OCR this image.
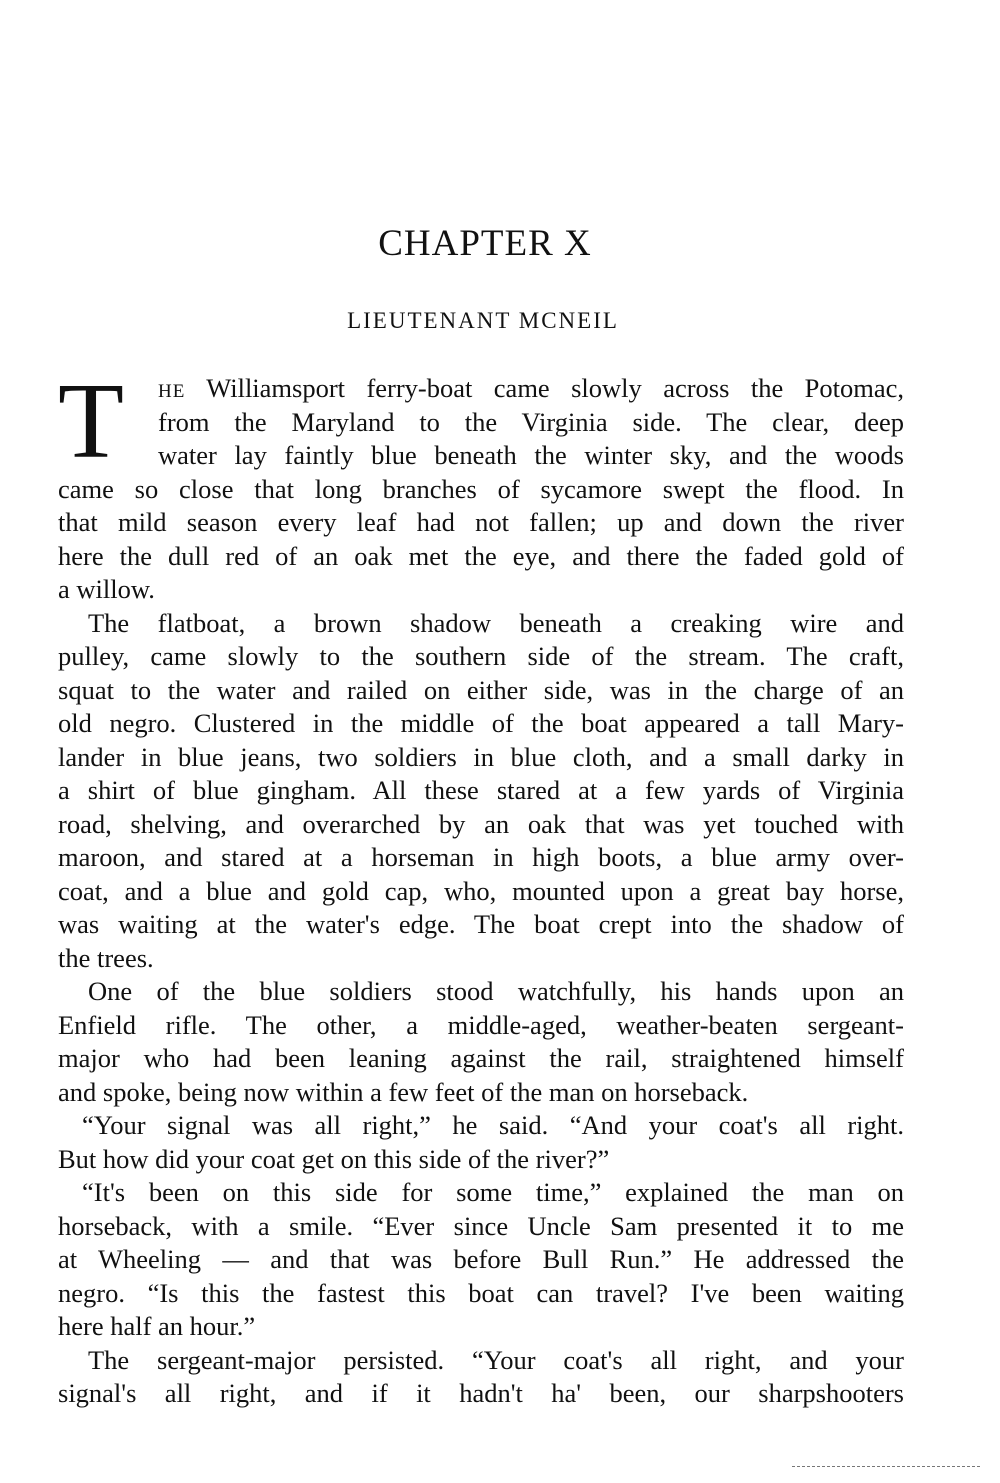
CHAPTER X
LIEUTENANT MCNEIL
T	HE Williamsport ferry-boat came slowly across the Potomac,
from the Maryland to the Virginia side. The clear, deep
water lay faintly blue beneath the winter sky, and the woods
came so close that long branches of sycamore swept the flood. In
that mild season every leaf had not fallen; up and down the river
here the dull red of an oak met the eye, and there the faded gold of
a willow.
The flatboat, a brown shadow beneath a creaking wire and
pulley, came slowly to the southern side of the stream. The craft,
squat to the water and railed on either side, was in the charge of an
old negro. Clustered in the middle of the boat appeared a tall Mary-
lander in blue jeans, two soldiers in blue cloth, and a small darky in
a shirt of blue gingham. All these stared at a few yards of Virginia
road, shelving, and overarched by an oak that was yet touched with
maroon, and stared at a horseman in high boots, a blue army over-
coat, and a blue and gold cap, who, mounted upon a great bay horse,
was waiting at the water's edge. The boat crept into the shadow of
the trees.
One of the blue soldiers stood watchfully, his hands upon an
Enfield rifle. The other, a middle-aged, weather-beaten sergeant-
major who had been leaning against the rail, straightened himself
and spoke, being now within a few feet of the man on horseback.
“Your signal was all right,” he said. “And your coat's all right.
But how did your coat get on this side of the river?”
“It's been on this side for some time,” explained the man on
horseback, with a smile. “Ever since Uncle Sam presented it to me
at Wheeling — and that was before Bull Run.” He addressed the
negro. “Is this the fastest this boat can travel? I've been waiting
here half an hour.”
The sergeant-major persisted. “Your coat's all right, and your
signal's all right, and if it hadn't ha' been, our sharpshooters
